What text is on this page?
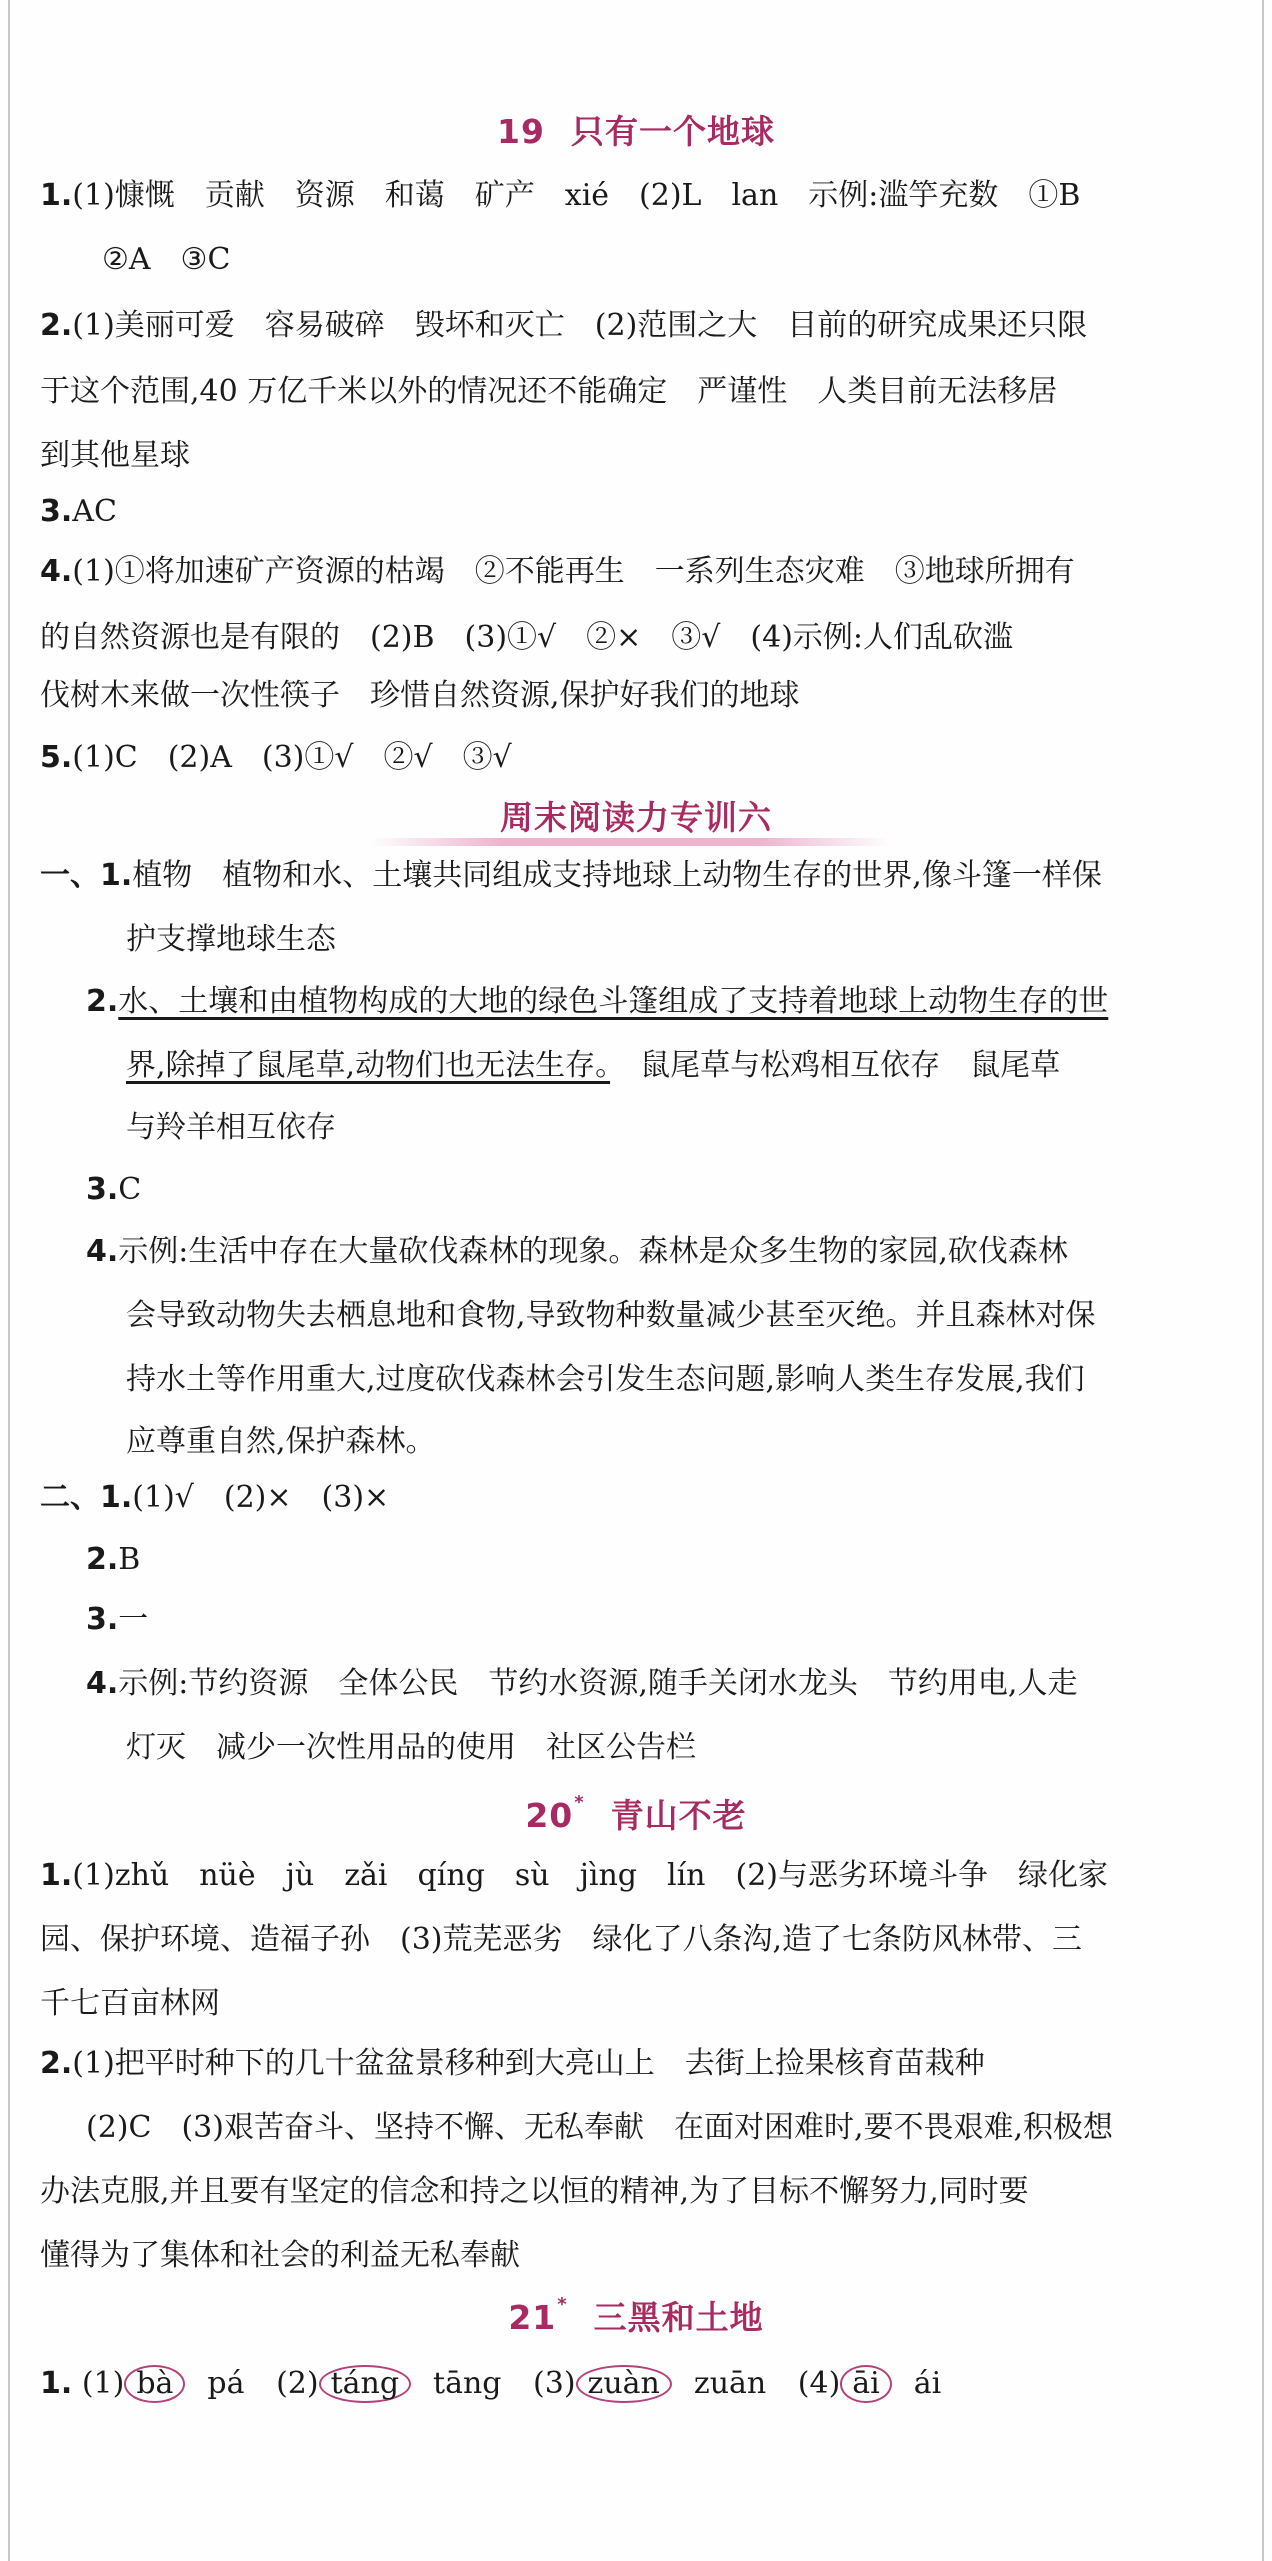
19 只有一个地球
1.(1)慷慨　贡献　资源　和蔼　矿产　xié　(2)L　lan　示例:滥竽充数　①B
②A　③C
2.(1)美丽可爱　容易破碎　毁坏和灭亡　(2)范围之大　目前的研究成果还只限
于这个范围,40 万亿千米以外的情况还不能确定　严谨性　人类目前无法移居
到其他星球
3.AC
4.(1)①将加速矿产资源的枯竭　②不能再生　一系列生态灾难　③地球所拥有
的自然资源也是有限的　(2)B　(3)①√　②×　③√　(4)示例:人们乱砍滥
伐树木来做一次性筷子　珍惜自然资源,保护好我们的地球
5.(1)C　(2)A　(3)①√　②√　③√
周末阅读力专训六
一、1.植物　植物和水、土壤共同组成支持地球上动物生存的世界,像斗篷一样保
护支撑地球生态
2.水、土壤和由植物构成的大地的绿色斗篷组成了支持着地球上动物生存的世
界,除掉了鼠尾草,动物们也无法生存。　鼠尾草与松鸡相互依存　鼠尾草
与羚羊相互依存
3.C
4.示例:生活中存在大量砍伐森林的现象。森林是众多生物的家园,砍伐森林
会导致动物失去栖息地和食物,导致物种数量减少甚至灭绝。并且森林对保
持水土等作用重大,过度砍伐森林会引发生态问题,影响人类生存发展,我们
应尊重自然,保护森林。
二、1.(1)√　(2)×　(3)×
2.B
3.一
4.示例:节约资源　全体公民　节约水资源,随手关闭水龙头　节约用电,人走
灯灭　减少一次性用品的使用　社区公告栏
20* 青山不老
1.(1)zhǔ　nüè　jù　zǎi　qíng　sù　jìng　lín　(2)与恶劣环境斗争　绿化家
园、保护环境、造福子孙　(3)荒芜恶劣　绿化了八条沟,造了七条防风林带、三
千七百亩林网
2.(1)把平时种下的几十盆盆景移种到大亮山上　去街上捡果核育苗栽种
(2)C　(3)艰苦奋斗、坚持不懈、无私奉献　在面对困难时,要不畏艰难,积极想
办法克服,并且要有坚定的信念和持之以恒的精神,为了目标不懈努力,同时要
懂得为了集体和社会的利益无私奉献
21* 三黑和土地
1. (1) bà pá (2) táng tāng (3) zuàn zuān (4) āi ái
